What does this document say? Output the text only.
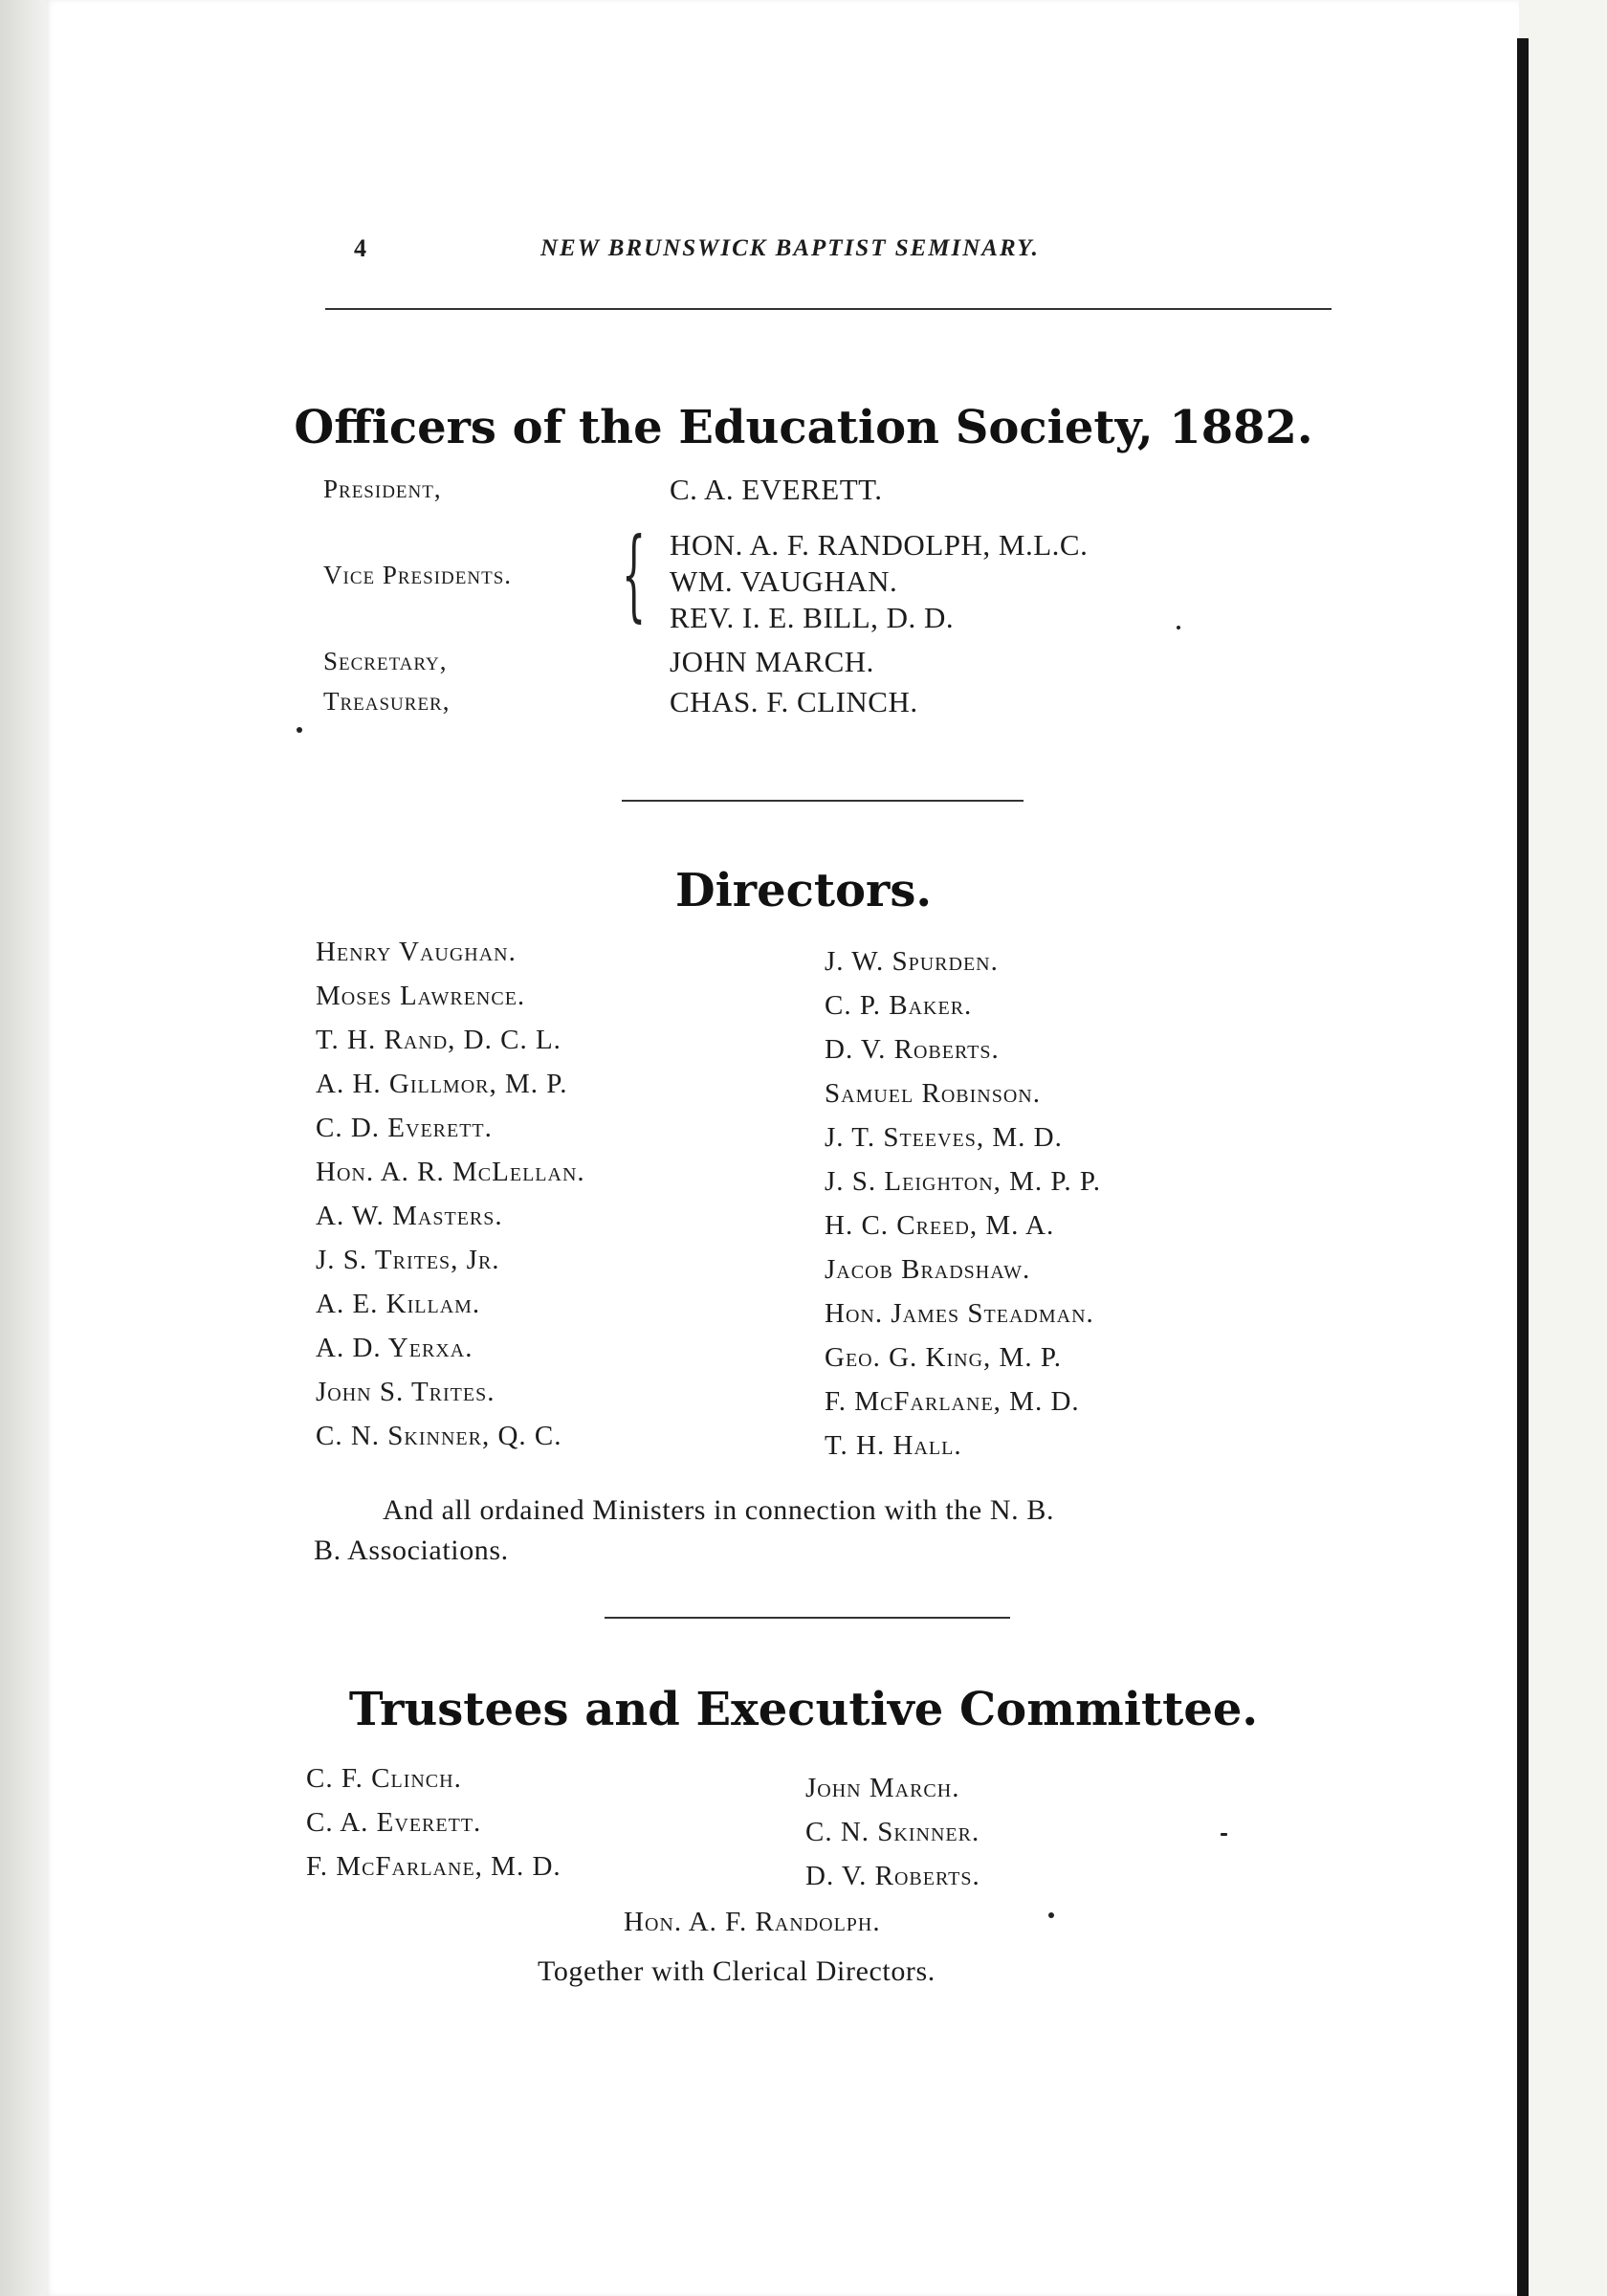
4	NEW BRUNSWICK BAPTIST SEMINARY.
Officers of the Education Society, 1882.
President,	C. A. EVERETT.
Vice Presidents. { HON. A. F. RANDOLPH, M.L.C.
WM. VAUGHAN.
REV. I. E. BILL, D. D.
Secretary,	JOHN MARCH.
Treasurer,	CHAS. F. CLINCH.
Directors.
Henry Vaughan.
Moses Lawrence.
T. H. Rand, D. C. L.
A. H. Gillmor, M. P.
C. D. Everett.
Hon. A. R. McLellan.
A. W. Masters.
J. S. Trites, Jr.
A. E. Killam.
A. D. Yerxa.
John S. Trites.
C. N. Skinner, Q. C.
J. W. Spurden.
C. P. Baker.
D. V. Roberts.
Samuel Robinson.
J. T. Steeves, M. D.
J. S. Leighton, M. P. P.
H. C. Creed, M. A.
Jacob Bradshaw.
Hon. James Steadman.
Geo. G. King, M. P.
F. McFarlane, M. D.
T. H. Hall.
And all ordained Ministers in connection with the N. B.
B. Associations.
Trustees and Executive Committee.
C. F. Clinch.
C. A. Everett.
F. McFarlane, M. D.
John March.
C. N. Skinner.
D. V. Roberts.
Hon. A. F. Randolph.
Together with Clerical Directors.
